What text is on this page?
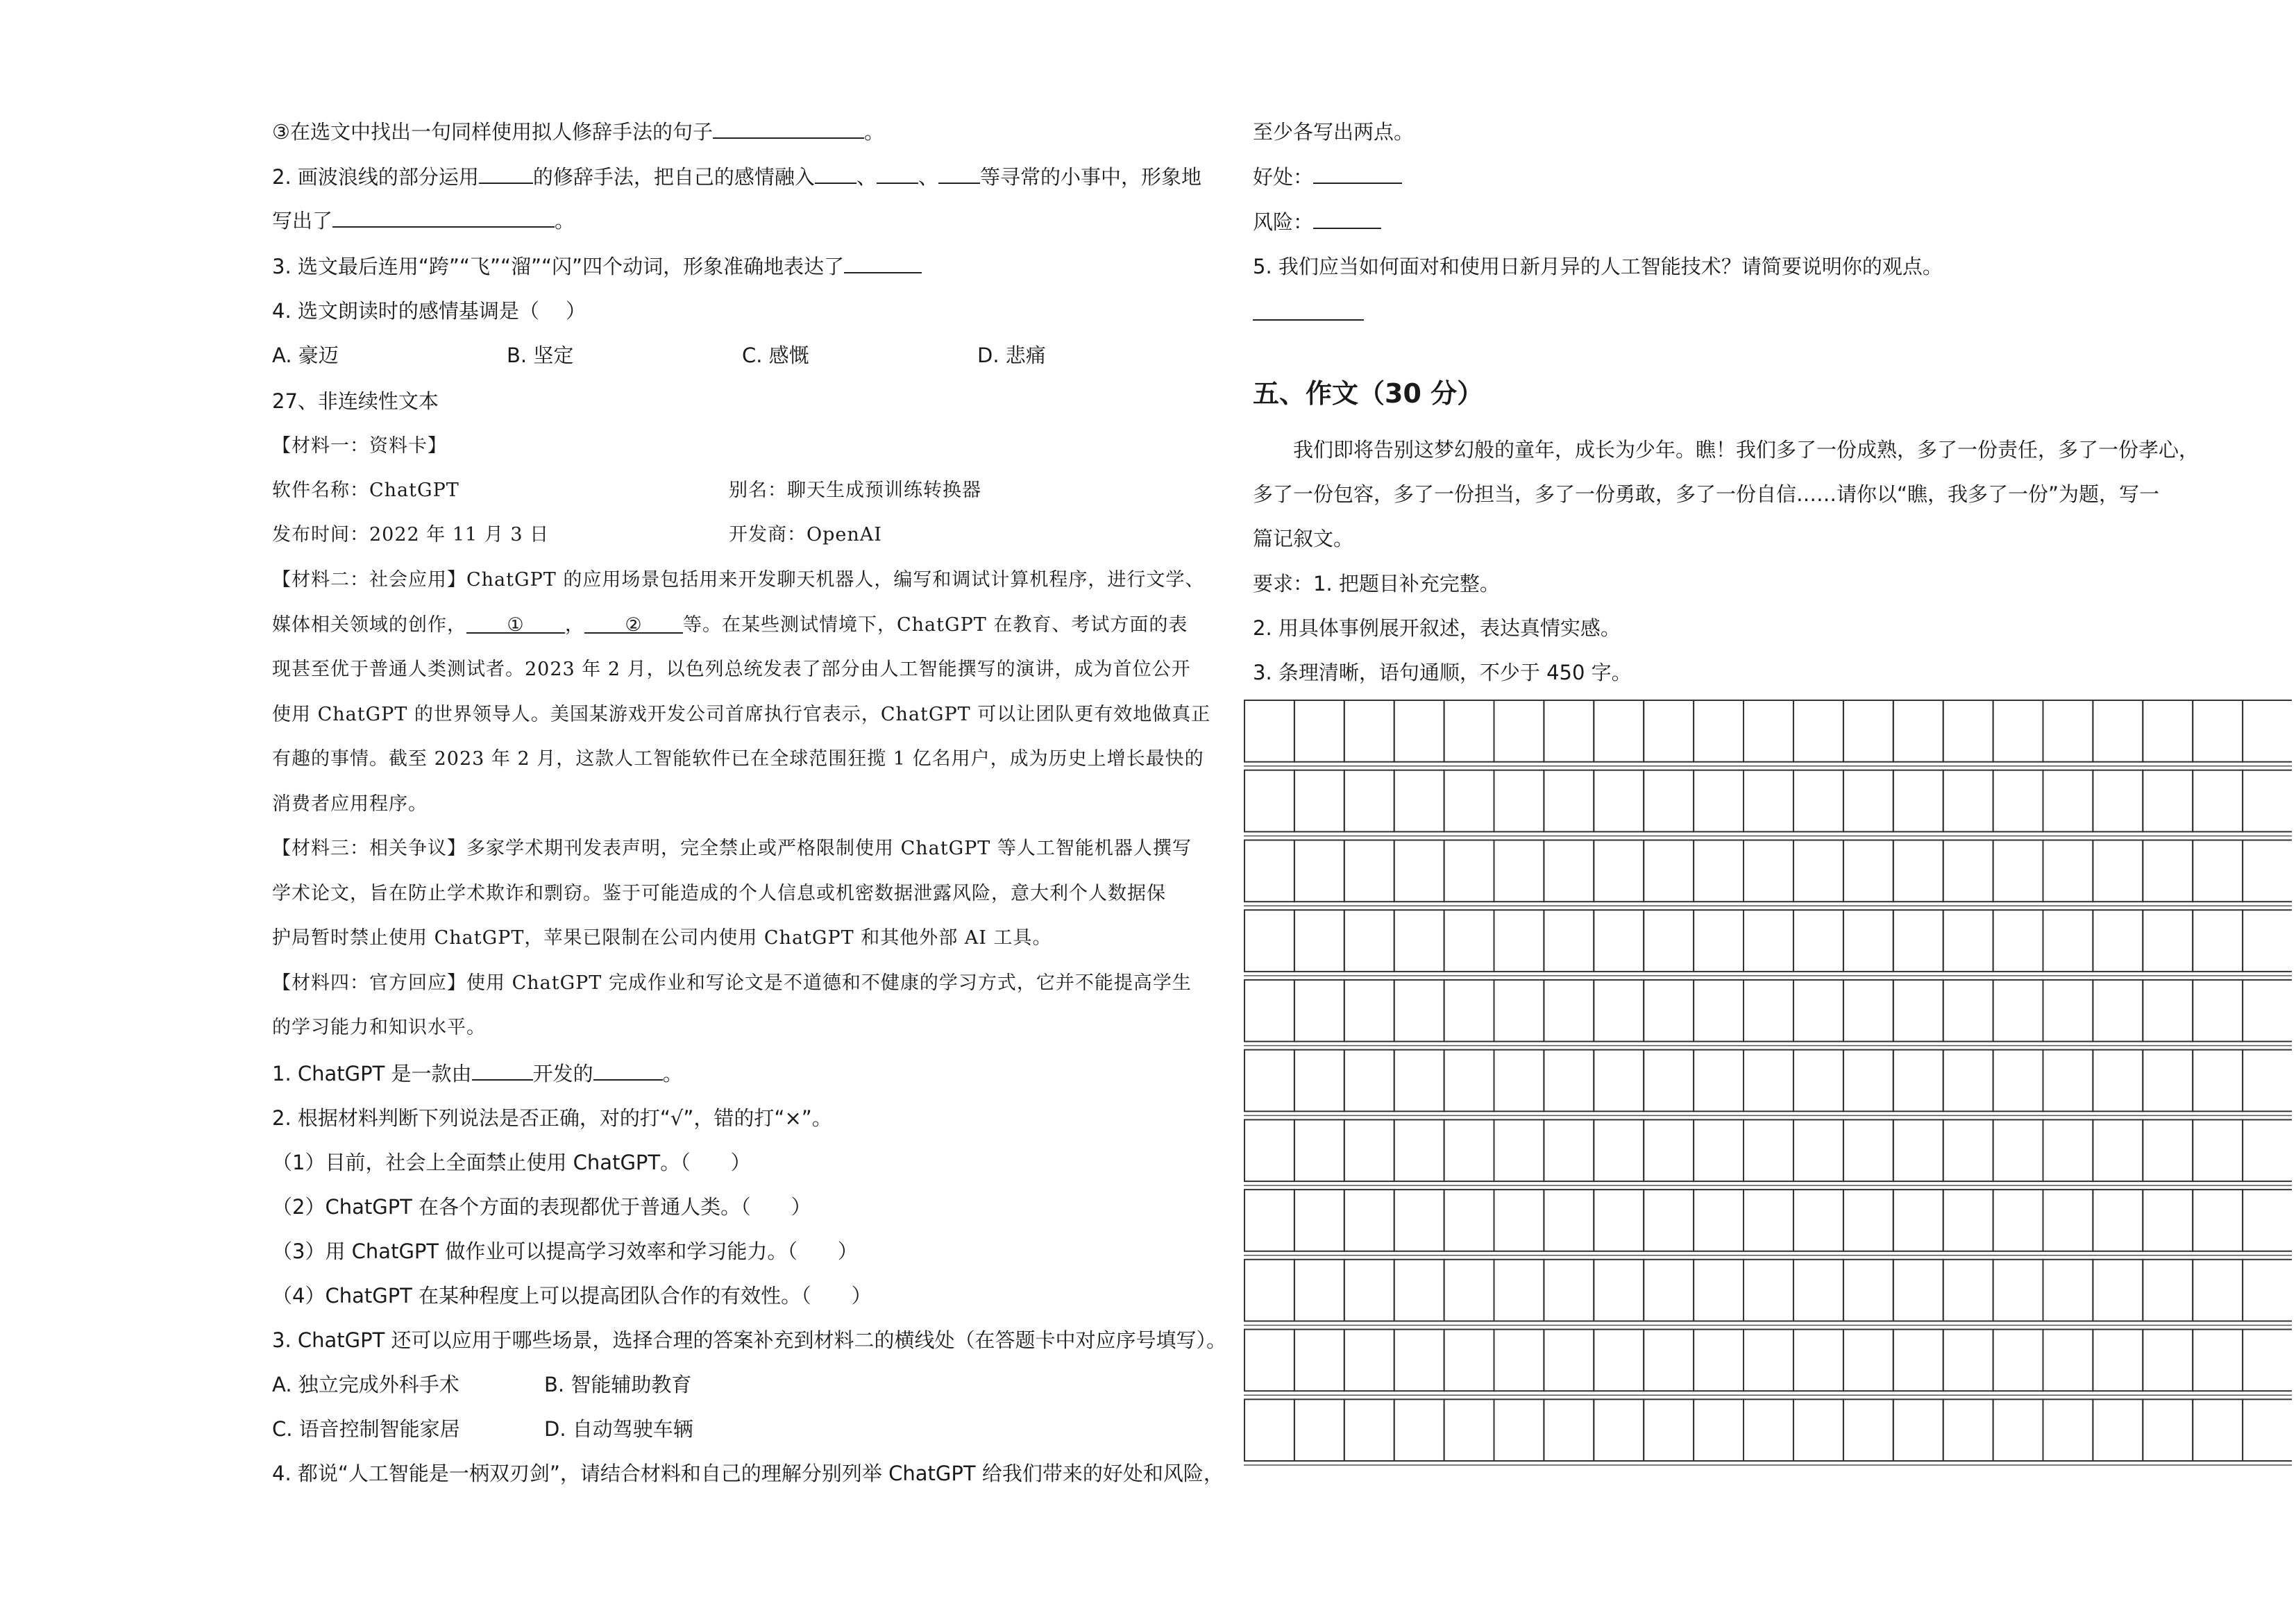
③在选文中找出一句同样使用拟人修辞手法的句子	。
2. 画波浪线的部分运用	的修辞手法，把自己的感情融入 、 、 等寻常的小事中，形象地
写出了	。
3. 选文最后连用“跨”“飞”“溜”“闪”四个动词，形象准确地表达了
4. 选文朗读时的感情基调是（　 ）
A. 豪迈	B. 坚定	C. 感慨	D. 悲痛
27、非连续性文本
【材料一：资料卡】
软件名称：ChatGPT	别名：聊天生成预训练转换器
发布时间：2022 年 11 月 3 日	开发商：OpenAI
【材料二：社会应用】ChatGPT 的应用场景包括用来开发聊天机器人，编写和调试计算机程序，进行文学、
媒体相关领域的创作， ① ， ② 等。在某些测试情境下，ChatGPT 在教育、考试方面的表
现甚至优于普通人类测试者。2023 年 2 月，以色列总统发表了部分由人工智能撰写的演讲，成为首位公开
使用 ChatGPT 的世界领导人。美国某游戏开发公司首席执行官表示，ChatGPT 可以让团队更有效地做真正
有趣的事情。截至 2023 年 2 月，这款人工智能软件已在全球范围狂揽 1 亿名用户，成为历史上增长最快的
消费者应用程序。
【材料三：相关争议】多家学术期刊发表声明，完全禁止或严格限制使用 ChatGPT 等人工智能机器人撰写
学术论文，旨在防止学术欺诈和剽窃。鉴于可能造成的个人信息或机密数据泄露风险，意大利个人数据保
护局暂时禁止使用 ChatGPT，苹果已限制在公司内使用 ChatGPT 和其他外部 AI 工具。
【材料四：官方回应】使用 ChatGPT 完成作业和写论文是不道德和不健康的学习方式，它并不能提高学生
的学习能力和知识水平。
1. ChatGPT 是一款由	开发的	。
2. 根据材料判断下列说法是否正确，对的打“√”，错的打“×”。
（1）目前，社会上全面禁止使用 ChatGPT。（　　）
（2）ChatGPT 在各个方面的表现都优于普通人类。（　　）
（3）用 ChatGPT 做作业可以提高学习效率和学习能力。（　　）
（4）ChatGPT 在某种程度上可以提高团队合作的有效性。（　　）
3. ChatGPT 还可以应用于哪些场景，选择合理的答案补充到材料二的横线处（在答题卡中对应序号填写）。
A. 独立完成外科手术	B. 智能辅助教育
C. 语音控制智能家居	D. 自动驾驶车辆
4. 都说“人工智能是一柄双刃剑”，请结合材料和自己的理解分别列举 ChatGPT 给我们带来的好处和风险，
至少各写出两点。
好处：
风险：
5. 我们应当如何面对和使用日新月异的人工智能技术？请简要说明你的观点。
五、作文（30 分）
我们即将告别这梦幻般的童年，成长为少年。瞧！我们多了一份成熟，多了一份责任，多了一份孝心，
多了一份包容，多了一份担当，多了一份勇敢，多了一份自信……请你以“瞧，我多了一份”为题，写一
篇记叙文。
要求：1. 把题目补充完整。
2. 用具体事例展开叙述，表达真情实感。
3. 条理清晰，语句通顺，不少于 450 字。
